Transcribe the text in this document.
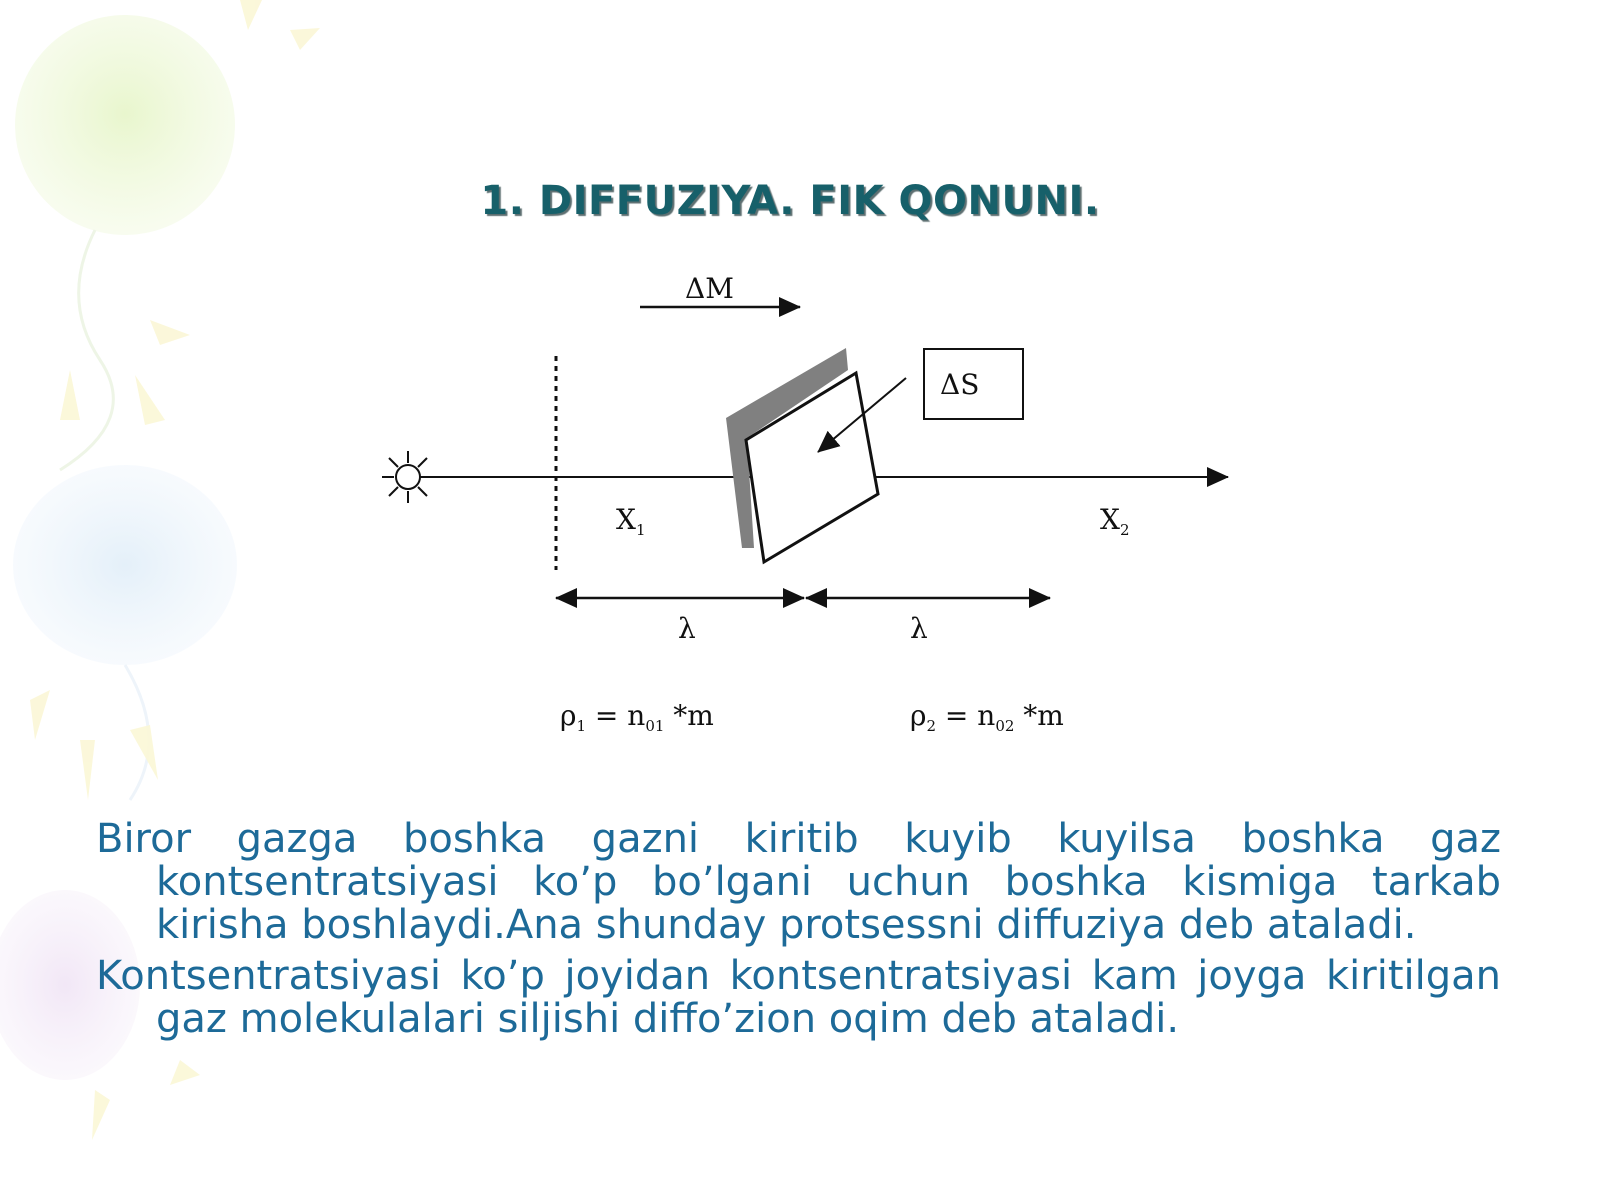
1. DIFFUZIYA. FIK QONUNI.
ΔM
ΔS
$X_1$	$X_2$
λ	λ
$\rho_1 = n_{01}$ *m	$\rho_2 = n_{02}$ *m

Biror gazga boshka gazni kiritib kuyib kuyilsa boshka gaz kontsentratsiyasi ko’p bo’lgani uchun boshka kismiga tarkab kirisha boshlaydi.Ana shunday protsessni diffuziya deb ataladi.

Kontsentratsiyasi ko’p joyidan kontsentratsiyasi kam joyga kiritilgan gaz molekulalari siljishi diffo’zion oqim deb ataladi.
